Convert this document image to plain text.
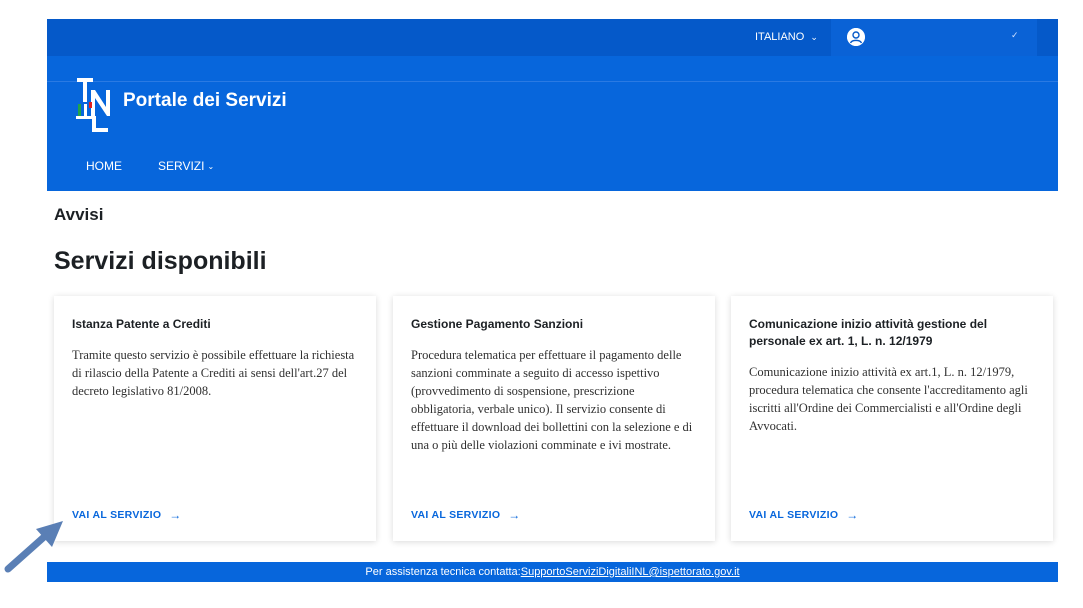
ITALIANO ⌄	✓
Portale dei Servizi
HOME	SERVIZI ⌄
Avvisi
Servizi disponibili
Istanza Patente a Crediti
Tramite questo servizio è possibile effettuare la richiesta di rilascio della Patente a Crediti ai sensi dell'art.27 del decreto legislativo 81/2008.
VAI AL SERVIZIO →
Gestione Pagamento Sanzioni
Procedura telematica per effettuare il pagamento delle sanzioni comminate a seguito di accesso ispettivo (provvedimento di sospensione, prescrizione obbligatoria, verbale unico). Il servizio consente di effettuare il download dei bollettini con la selezione e di una o più delle violazioni comminate e ivi mostrate.
VAI AL SERVIZIO →
Comunicazione inizio attività gestione del personale ex art. 1, L. n. 12/1979
Comunicazione inizio attività ex art.1, L. n. 12/1979, procedura telematica che consente l'accreditamento agli iscritti all'Ordine dei Commercialisti e all'Ordine degli Avvocati.
VAI AL SERVIZIO →
Per assistenza tecnica contatta:SupportoServiziDigitaliINL@ispettorato.gov.it
